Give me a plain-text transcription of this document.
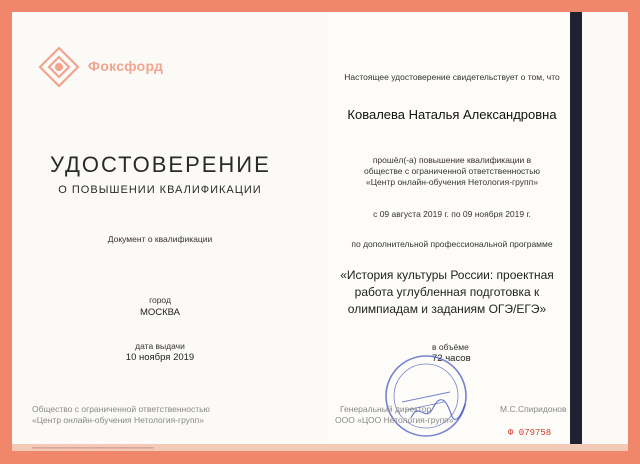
Фоксфорд
УДОСТОВЕРЕНИЕ
О ПОВЫШЕНИИ КВАЛИФИКАЦИИ
Документ о квалификации
город
МОСКВА
дата выдачи
10 ноября 2019
Общество с ограниченной ответственностью
«Центр онлайн-обучения Нетология-групп»
▪▪▪▪▪▪▪▪▪▪▪▪▪▪▪▪▪▪▪▪▪▪▪▪▪▪▪▪▪▪▪▪▪▪▪▪▪▪▪▪▪▪▪▪▪▪▪▪▪▪▪▪▪▪▪▪▪▪▪▪▪▪▪▪▪▪▪▪▪▪▪▪▪▪▪▪▪▪▪▪▪▪▪▪▪▪
Настоящее удостоверение свидетельствует о том, что
Ковалева Наталья Александровна
прошёл(-а) повышение квалификации в
обществе с ограниченной ответственностью
«Центр онлайн-обучения Нетология-групп»
с 09 августа 2019 г. по 09 ноября 2019 г.
по дополнительной профессиональной программе
«История культуры России: проектная работа углубленная подготовка к олимпиадам и заданиям ОГЭ/ЕГЭ»
в объёме
72 часов
Генеральный директор
ООО «ЦОО Нетология-групп»
М.С.Спиридонов
Ф 079758
